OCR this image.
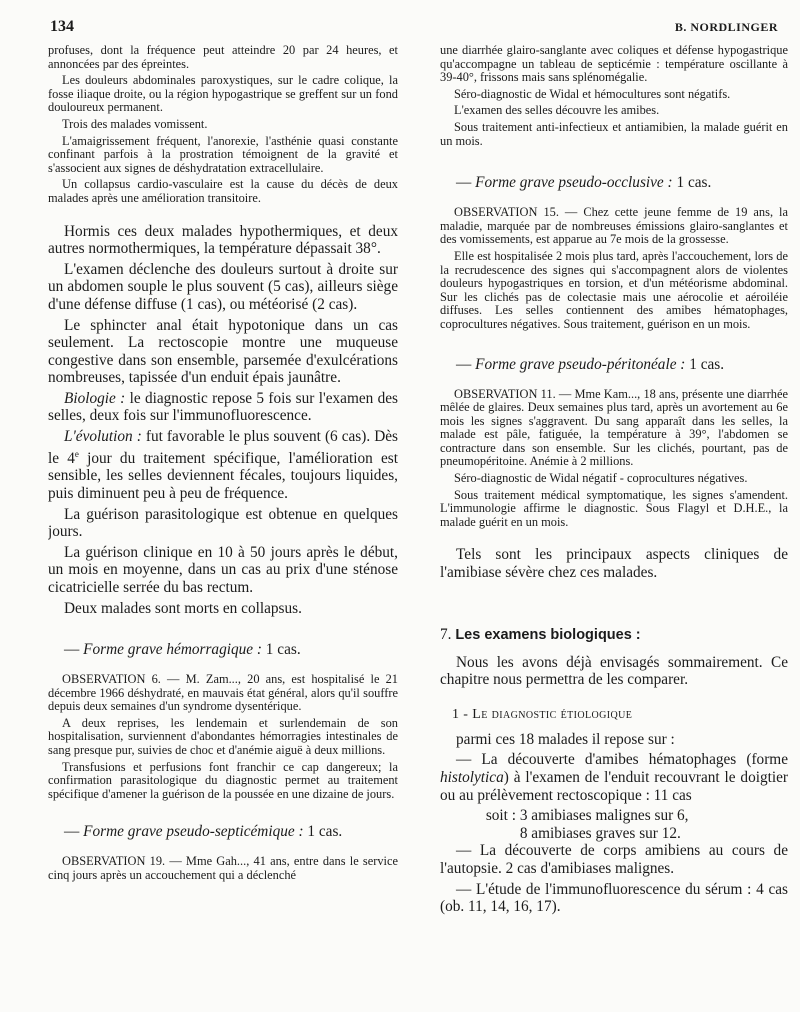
134	B. NORDLINGER

profuses, dont la fréquence peut atteindre 20 par 24 heures, et annoncées par des épreintes.

Les douleurs abdominales paroxystiques, sur le cadre colique, la fosse iliaque droite, ou la région hypogastrique se greffent sur un fond douloureux permanent.

Trois des malades vomissent.

L'amaigrissement fréquent, l'anorexie, l'asthénie quasi constante confinant parfois à la prostration témoignent de la gravité et s'associent aux signes de déshydratation extracellulaire.

Un collapsus cardio-vasculaire est la cause du décès de deux malades après une amélioration transitoire.

Hormis ces deux malades hypothermiques, et deux autres normothermiques, la température dépassait 38°.

L'examen déclenche des douleurs surtout à droite sur un abdomen souple le plus souvent (5 cas), ailleurs siège d'une défense diffuse (1 cas), ou météorisé (2 cas).

Le sphincter anal était hypotonique dans un cas seulement. La rectoscopie montre une muqueuse congestive dans son ensemble, parsemée d'exulcérations nombreuses, tapissée d'un enduit épais jaunâtre.

Biologie : le diagnostic repose 5 fois sur l'examen des selles, deux fois sur l'immunofluorescence.

L'évolution : fut favorable le plus souvent (6 cas). Dès le 4e jour du traitement spécifique, l'amélioration est sensible, les selles deviennent fécales, toujours liquides, puis diminuent peu à peu de fréquence.

La guérison parasitologique est obtenue en quelques jours.

La guérison clinique en 10 à 50 jours après le début, un mois en moyenne, dans un cas au prix d'une sténose cicatricielle serrée du bas rectum.

Deux malades sont morts en collapsus.

— Forme grave hémorragique : 1 cas.

OBSERVATION 6. — M. Zam..., 20 ans, est hospitalisé le 21 décembre 1966 déshydraté, en mauvais état général, alors qu'il souffre depuis deux semaines d'un syndrome dysentérique.

A deux reprises, les lendemain et surlendemain de son hospitalisation, surviennent d'abondantes hémorragies intestinales de sang presque pur, suivies de choc et d'anémie aiguë à deux millions.

Transfusions et perfusions font franchir ce cap dangereux; la confirmation parasitologique du diagnostic permet au traitement spécifique d'amener la guérison de la poussée en une dizaine de jours.

— Forme grave pseudo-septicémique : 1 cas.

OBSERVATION 19. — Mme Gah..., 41 ans, entre dans le service cinq jours après un accouchement qui a déclenché

une diarrhée glairo-sanglante avec coliques et défense hypogastrique qu'accompagne un tableau de septicémie : température oscillante à 39-40°, frissons mais sans splénomégalie.

Séro-diagnostic de Widal et hémocultures sont négatifs.

L'examen des selles découvre les amibes.

Sous traitement anti-infectieux et antiamibien, la malade guérit en un mois.

— Forme grave pseudo-occlusive : 1 cas.

OBSERVATION 15. — Chez cette jeune femme de 19 ans, la maladie, marquée par de nombreuses émissions glairo-sanglantes et des vomissements, est apparue au 7e mois de la grossesse.

Elle est hospitalisée 2 mois plus tard, après l'accouchement, lors de la recrudescence des signes qui s'accompagnent alors de violentes douleurs hypogastriques en torsion, et d'un météorisme abdominal. Sur les clichés pas de colectasie mais une aérocolie et aéroiléie diffuses. Les selles contiennent des amibes hématophages, coprocultures négatives. Sous traitement, guérison en un mois.

— Forme grave pseudo-péritonéale : 1 cas.

OBSERVATION 11. — Mme Kam..., 18 ans, présente une diarrhée mêlée de glaires. Deux semaines plus tard, après un avortement au 6e mois les signes s'aggravent. Du sang apparaît dans les selles, la malade est pâle, fatiguée, la température à 39°, l'abdomen se contracture dans son ensemble. Sur les clichés, pourtant, pas de pneumopéritoine. Anémie à 2 millions.

Séro-diagnostic de Widal négatif - coprocultures négatives.

Sous traitement médical symptomatique, les signes s'amendent. L'immunologie affirme le diagnostic. Sous Flagyl et D.H.E., la malade guérit en un mois.

Tels sont les principaux aspects cliniques de l'amibiase sévère chez ces malades.

7. Les examens biologiques :

Nous les avons déjà envisagés sommairement. Ce chapitre nous permettra de les comparer.

1 - Le diagnostic étiologique

parmi ces 18 malades il repose sur :

— La découverte d'amibes hématophages (forme histolytica) à l'examen de l'enduit recouvrant le doigtier ou au prélèvement rectoscopique : 11 cas

soit : 3 amibiases malignes sur 6,

8 amibiases graves sur 12.

— La découverte de corps amibiens au cours de l'autopsie. 2 cas d'amibiases malignes.

— L'étude de l'immunofluorescence du sérum : 4 cas (ob. 11, 14, 16, 17).
